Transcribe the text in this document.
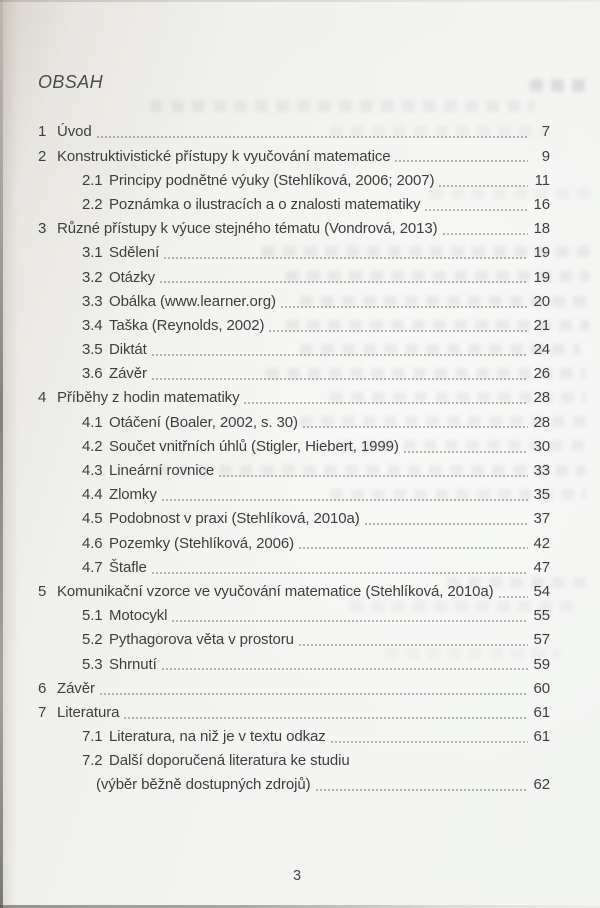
OBSAH
1 Úvod	7
2 Konstruktivistické přístupy k vyučování matematice	9
2.1 Principy podnětné výuky (Stehlíková, 2006; 2007)	11
2.2 Poznámka o ilustracích a o znalosti matematiky	16
3 Různé přístupy k výuce stejného tématu (Vondrová, 2013)	18
3.1 Sdělení	19
3.2 Otázky	19
3.3 Obálka (www.learner.org)	20
3.4 Taška (Reynolds, 2002)	21
3.5 Diktát	24
3.6 Závěr	26
4 Příběhy z hodin matematiky	28
4.1 Otáčení (Boaler, 2002, s. 30)	28
4.2 Součet vnitřních úhlů (Stigler, Hiebert, 1999)	30
4.3 Lineární rovnice	33
4.4 Zlomky	35
4.5 Podobnost v praxi (Stehlíková, 2010a)	37
4.6 Pozemky (Stehlíková, 2006)	42
4.7 Štafle	47
5 Komunikační vzorce ve vyučování matematice (Stehlíková, 2010a)	54
5.1 Motocykl	55
5.2 Pythagorova věta v prostoru	57
5.3 Shrnutí	59
6 Závěr	60
7 Literatura	61
7.1 Literatura, na niž je v textu odkaz	61
7.2 Další doporučená literatura ke studiu
(výběr běžně dostupných zdrojů)	62
3
